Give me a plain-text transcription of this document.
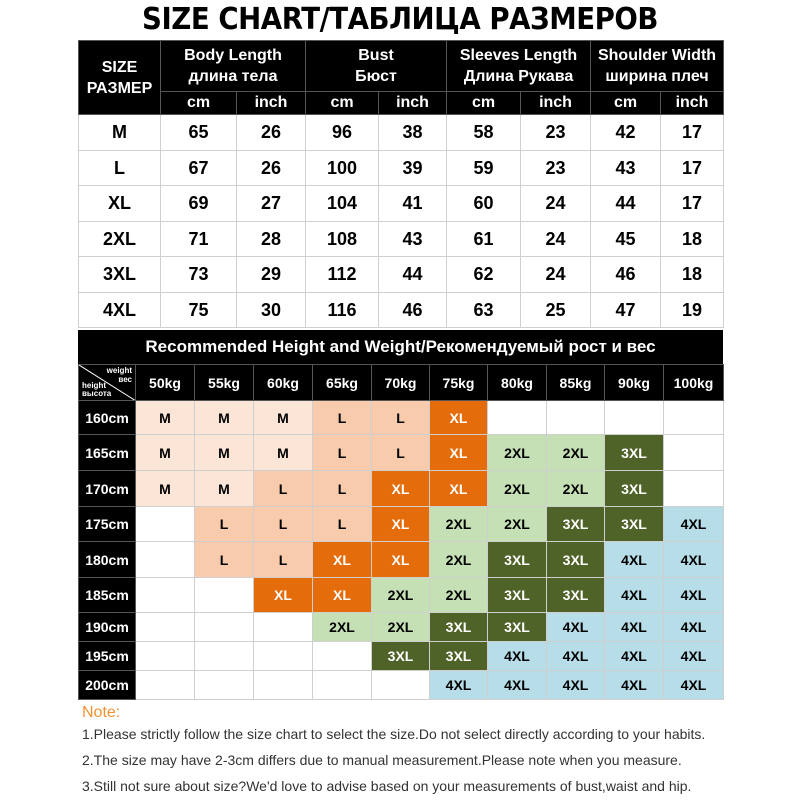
SIZE CHART/ТАБЛИЦА РАЗМЕРОВ
SIZE
РАЗМЕР	Body Length
длина тела		Bust
Бюст		Sleeves Length
Длина Рукава		Shoulder Width
ширина плеч	

	cm	inch	cm	inch	cm	inch	cm	inch
M	65	26	96	38	58	23	42	17
L	67	26	100	39	59	23	43	17
XL	69	27	104	41	60	24	44	17
2XL	71	28	108	43	61	24	45	18
3XL	73	29	112	44	62	24	46	18
4XL	75	30	116	46	63	25	47	19
Recommended Height and Weight/Рекомендуемый рост и вес
weight
вес
height
высота	50kg	55kg	60kg	65kg	70kg	75kg	80kg	85kg	90kg	100kg
160cm	M	M	M	L	L	XL				
165cm	M	M	M	L	L	XL	2XL	2XL	3XL	
170cm	M	M	L	L	XL	XL	2XL	2XL	3XL	
175cm		L	L	L	XL	2XL	2XL	3XL	3XL	4XL
180cm		L	L	XL	XL	2XL	3XL	3XL	4XL	4XL
185cm			XL	XL	2XL	2XL	3XL	3XL	4XL	4XL
190cm				2XL	2XL	3XL	3XL	4XL	4XL	4XL
195cm					3XL	3XL	4XL	4XL	4XL	4XL
200cm						4XL	4XL	4XL	4XL	4XL
Note:
1.Please strictly follow the size chart to select the size.Do not select directly according to your habits.
2.The size may have 2-3cm differs due to manual measurement.Please note when you measure.
3.Still not sure about size?We'd love to advise based on your measurements of bust,waist and hip.
